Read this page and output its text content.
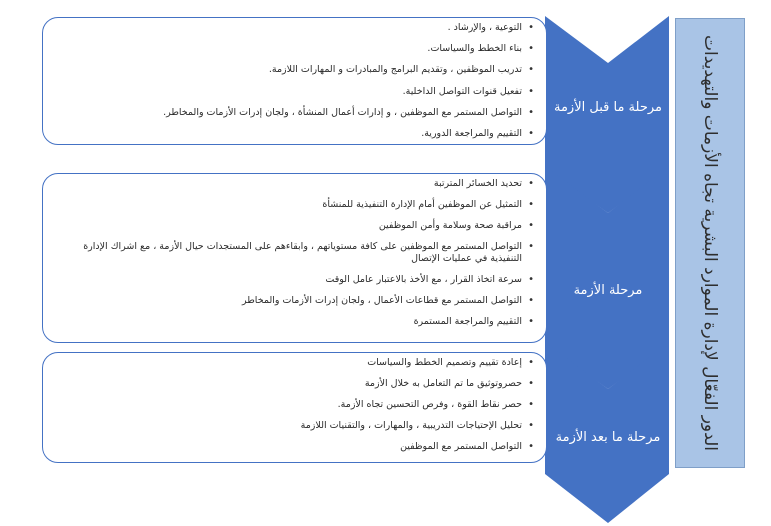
مرحلة ما قبل الأزمة
مرحلة الأزمة
مرحلة ما بعد الأزمة	الدور الفعّال لإدارة الموارد البشرية تجاه الأزمات والتهديدات
• التوعية ، والإرشاد .
• بناء الخطط والسياسات.
• تدريب الموظفين ، وتقديم البرامج والمبادرات و المهارات اللازمة.
• تفعيل قنوات التواصل الداخلية.
• التواصل المستمر مع الموظفين ، و إدارات أعمال المنشأة ، ولجان إدرات الأزمات والمخاطر.
• التقييم والمراجعة الدورية.
• تحديد الخسائر المترتبة
• التمثيل عن الموظفين أمام الإدارة التنفيذية للمنشأة
• مراقبة صحة وسلامة وأمن الموظفين
• التواصل المستمر مع الموظفين على كافة مستوياتهم ، وابقاءهم على المستجدات حيال الأزمة ، مع اشراك الإدارة التنفيذية في عمليات الإتصال
• سرعة اتخاذ القرار ، مع الأخذ بالاعتبار عامل الوقت
• التواصل المستمر مع قطاعات الأعمال ، ولجان إدرات الأزمات والمخاطر
• التقييم والمراجعة المستمرة
• إعادة تقييم وتصميم الخطط والسياسات
• حصروتوثيق ما تم التعامل به خلال الأزمة
• حصر نقاط القوة ، وفرص التحسين تجاه الأزمة.
• تحليل الإحتياجات التدريبية ، والمهارات ، والتقنيات اللازمة
• التواصل المستمر مع الموظفين
